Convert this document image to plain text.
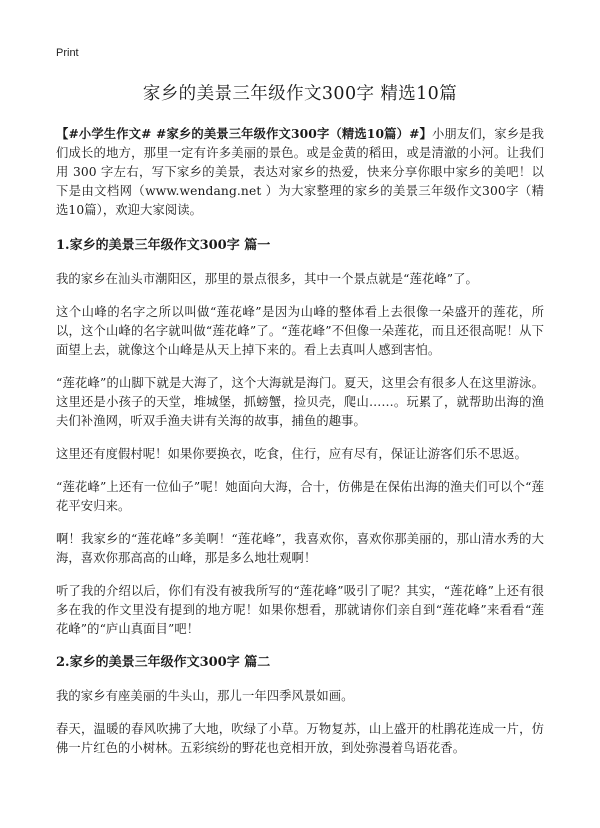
Print
家乡的美景三年级作文300字 精选10篇

【#小学生作文# #家乡的美景三年级作文300字（精选10篇）#】小朋友们，家乡是我们成长的地方，那里一定有许多美丽的景色。或是金黄的稻田，或是清澈的小河。让我们用 300 字左右，写下家乡的美景，表达对家乡的热爱，快来分享你眼中家乡的美吧！以下是由文档网（www.wendang.net ）为大家整理的家乡的美景三年级作文300字（精选10篇），欢迎大家阅读。

1.家乡的美景三年级作文300字 篇一

我的家乡在汕头市潮阳区，那里的景点很多，其中一个景点就是“莲花峰”了。

这个山峰的名字之所以叫做“莲花峰”是因为山峰的整体看上去很像一朵盛开的莲花，所以，这个山峰的名字就叫做“莲花峰”了。“莲花峰”不但像一朵莲花，而且还很高呢！从下面望上去，就像这个山峰是从天上掉下来的。看上去真叫人感到害怕。

“莲花峰”的山脚下就是大海了，这个大海就是海门。夏天，这里会有很多人在这里游泳。这里还是小孩子的天堂，堆城堡，抓螃蟹，捡贝壳，爬山……。玩累了，就帮助出海的渔夫们补渔网，听双手渔夫讲有关海的故事，捕鱼的趣事。

这里还有度假村呢！如果你要换衣，吃食，住行，应有尽有，保证让游客们乐不思返。

“莲花峰”上还有一位仙子”呢！她面向大海，合十，仿佛是在保佑出海的渔夫们可以个“莲花平安归来。

啊！我家乡的“莲花峰”多美啊！“莲花峰”，我喜欢你，喜欢你那美丽的，那山清水秀的大海，喜欢你那高高的山峰，那是多么地壮观啊！

听了我的介绍以后，你们有没有被我所写的“莲花峰”吸引了呢？其实，“莲花峰”上还有很多在我的作文里没有提到的地方呢！如果你想看，那就请你们亲自到“莲花峰”来看看“莲花峰”的“庐山真面目”吧！

2.家乡的美景三年级作文300字 篇二

我的家乡有座美丽的牛头山，那儿一年四季风景如画。

春天，温暖的春风吹拂了大地，吹绿了小草。万物复苏，山上盛开的杜鹃花连成一片，仿佛一片红色的小树林。五彩缤纷的野花也竞相开放，到处弥漫着鸟语花香。
